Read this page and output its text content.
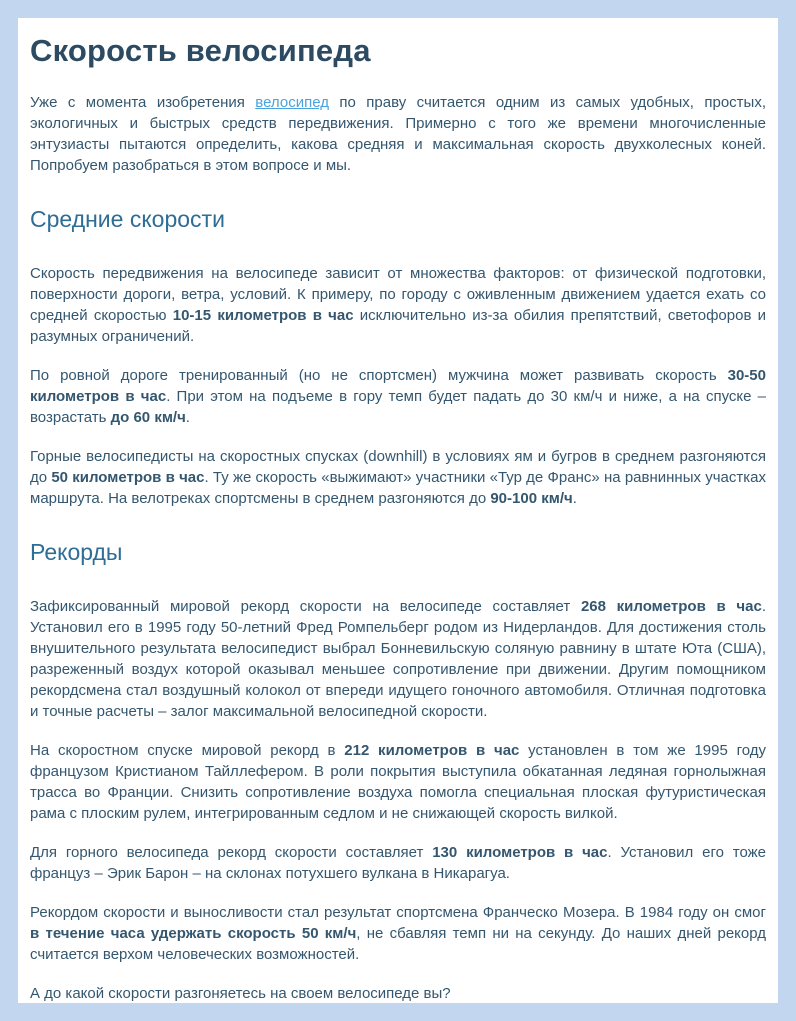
Скорость велосипеда

Уже с момента изобретения велосипед по праву считается одним из самых удобных, простых, экологичных и быстрых средств передвижения. Примерно с того же времени многочисленные энтузиасты пытаются определить, какова средняя и максимальная скорость двухколесных коней. Попробуем разобраться в этом вопросе и мы.

Средние скорости

Скорость передвижения на велосипеде зависит от множества факторов: от физической подготовки, поверхности дороги, ветра, условий. К примеру, по городу с оживленным движением удается ехать со средней скоростью 10-15 километров в час исключительно из-за обилия препятствий, светофоров и разумных ограничений.

По ровной дороге тренированный (но не спортсмен) мужчина может развивать скорость 30-50 километров в час. При этом на подъеме в гору темп будет падать до 30 км/ч и ниже, а на спуске – возрастать до 60 км/ч.

Горные велосипедисты на скоростных спусках (downhill) в условиях ям и бугров в среднем разгоняются до 50 километров в час. Ту же скорость «выжимают» участники «Тур де Франс» на равнинных участках маршрута. На велотреках спортсмены в среднем разгоняются до 90-100 км/ч.

Рекорды

Зафиксированный мировой рекорд скорости на велосипеде составляет 268 километров в час. Установил его в 1995 году 50-летний Фред Ромпельберг родом из Нидерландов. Для достижения столь внушительного результата велосипедист выбрал Бонневильскую соляную равнину в штате Юта (США), разреженный воздух которой оказывал меньшее сопротивление при движении. Другим помощником рекордсмена стал воздушный колокол от впереди идущего гоночного автомобиля. Отличная подготовка и точные расчеты – залог максимальной велосипедной скорости.

На скоростном спуске мировой рекорд в 212 километров в час установлен в том же 1995 году французом Кристианом Тайллефером. В роли покрытия выступила обкатанная ледяная горнолыжная трасса во Франции. Снизить сопротивление воздуха помогла специальная плоская футуристическая рама с плоским рулем, интегрированным седлом и не снижающей скорость вилкой.

Для горного велосипеда рекорд скорости составляет 130 километров в час. Установил его тоже француз – Эрик Барон – на склонах потухшего вулкана в Никарагуа.

Рекордом скорости и выносливости стал результат спортсмена Франческо Мозера. В 1984 году он смог в течение часа удержать скорость 50 км/ч, не сбавляя темп ни на секунду. До наших дней рекорд считается верхом человеческих возможностей.

А до какой скорости разгоняетесь на своем велосипеде вы?
